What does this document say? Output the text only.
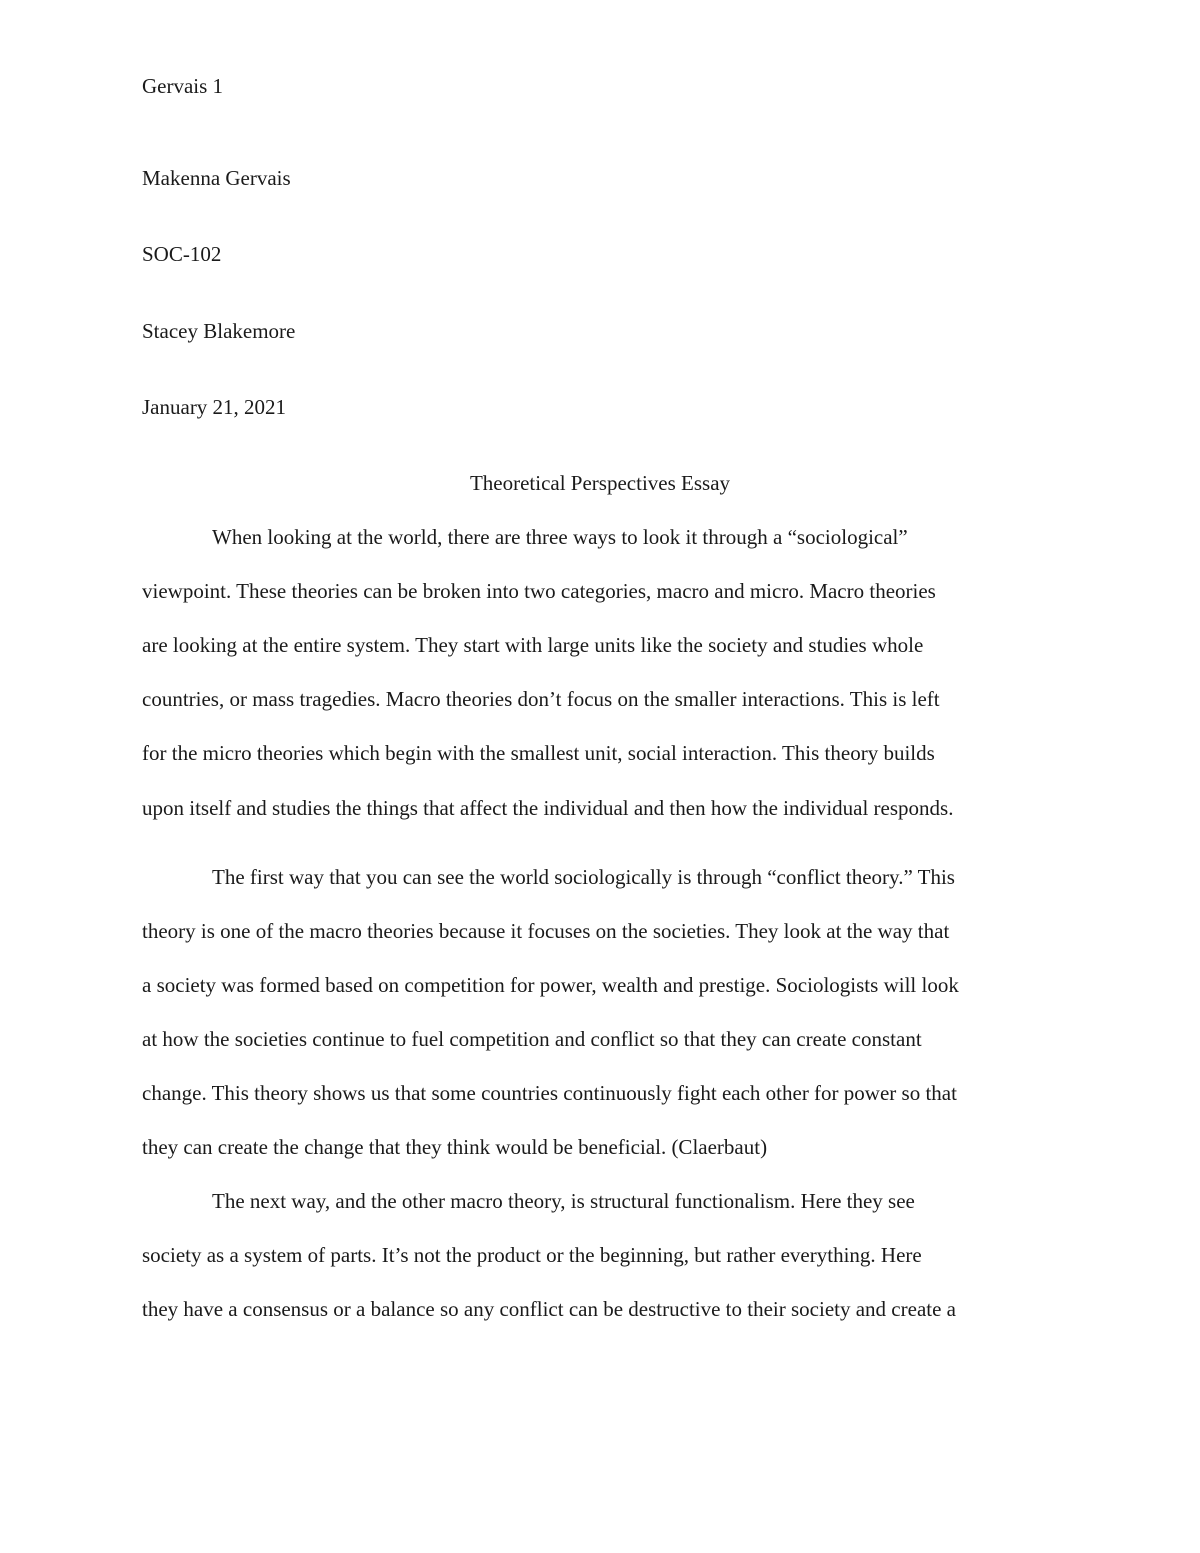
Gervais 1
Makenna Gervais
SOC-102
Stacey Blakemore
January 21, 2021
Theoretical Perspectives Essay
When looking at the world, there are three ways to look it through a “sociological”
viewpoint. These theories can be broken into two categories, macro and micro. Macro theories
are looking at the entire system. They start with large units like the society and studies whole
countries, or mass tragedies. Macro theories don’t focus on the smaller interactions. This is left
for the micro theories which begin with the smallest unit, social interaction. This theory builds
upon itself and studies the things that affect the individual and then how the individual responds.
The first way that you can see the world sociologically is through “conflict theory.” This
theory is one of the macro theories because it focuses on the societies. They look at the way that
a society was formed based on competition for power, wealth and prestige. Sociologists will look
at how the societies continue to fuel competition and conflict so that they can create constant
change. This theory shows us that some countries continuously fight each other for power so that
they can create the change that they think would be beneficial. (Claerbaut)
The next way, and the other macro theory, is structural functionalism. Here they see
society as a system of parts. It’s not the product or the beginning, but rather everything. Here
they have a consensus or a balance so any conflict can be destructive to their society and create a
